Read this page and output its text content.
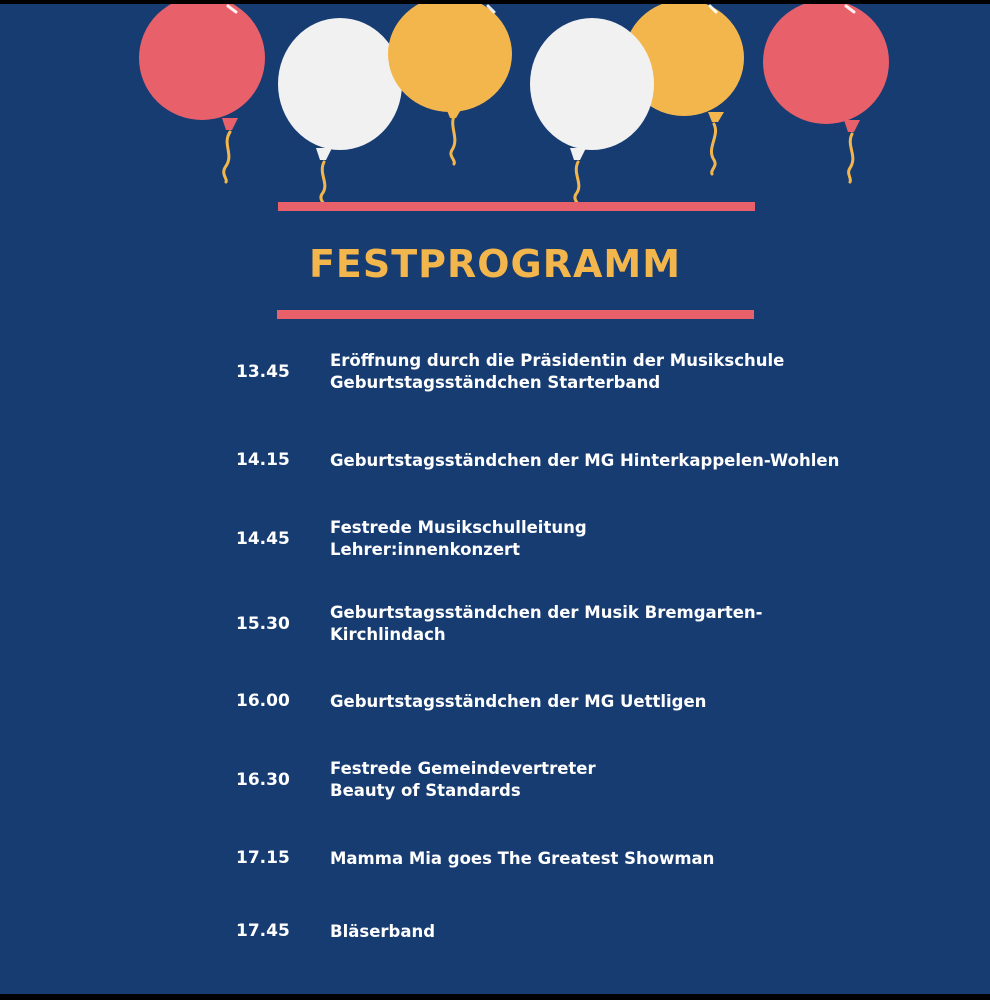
FESTPROGRAMM
13.45
Eröffnung durch die Präsidentin der Musikschule
Geburtstagsständchen Starterband
14.15 Geburtstagsständchen der MG Hinterkappelen-Wohlen
14.45
Festrede Musikschulleitung
Lehrer:innenkonzert
15.30
Geburtstagsständchen der Musik Bremgarten-
Kirchlindach
16.00 Geburtstagsständchen der MG Uettligen
16.30
Festrede Gemeindevertreter
Beauty of Standards
17.15 Mamma Mia goes The Greatest Showman
17.45 Bläserband
